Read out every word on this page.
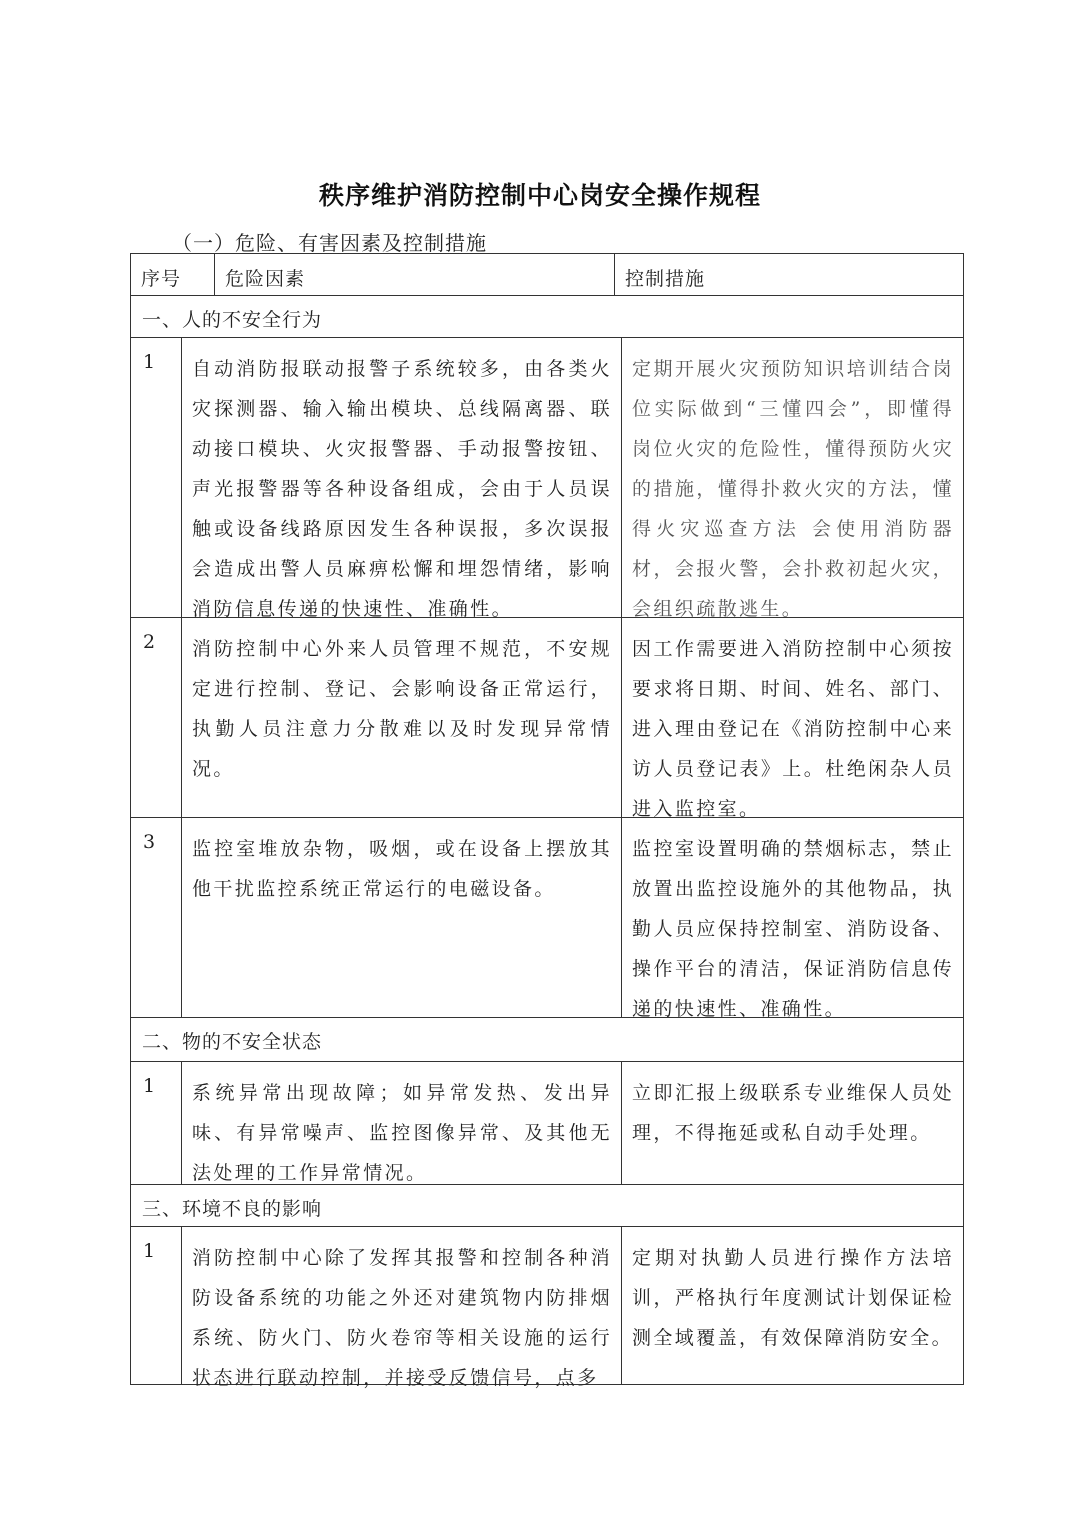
秩序维护消防控制中心岗安全操作规程
（一）危险、有害因素及控制措施
序号 危险因素	控制措施
一、人的不安全行为
1 自动消防报联动报警子系统较多，由各类火灾探测器、输入输出模块、总线隔离器、联动接口模块、火灾报警器、手动报警按钮、声光报警器等各种设备组成，会由于人员误触或设备线路原因发生各种误报，多次误报会造成出警人员麻痹松懈和埋怨情绪，影响消防信息传递的快速性、准确性。

定期开展火灾预防知识培训结合岗位实际做到“三懂四会”，即懂得岗位火灾的危险性，懂得预防火灾的措施，懂得扑救火灾的方法，懂得火灾巡查方法 会使用消防器材，会报火警，会扑救初起火灾，会组织疏散逃生。

2 消防控制中心外来人员管理不规范，不安规定进行控制、登记、会影响设备正常运行，执勤人员注意力分散难以及时发现异常情况。

因工作需要进入消防控制中心须按要求将日期、时间、姓名、部门、进入理由登记在《消防控制中心来访人员登记表》上。杜绝闲杂人员进入监控室。

3 监控室堆放杂物，吸烟，或在设备上摆放其他干扰监控系统正常运行的电磁设备。

监控室设置明确的禁烟标志，禁止放置出监控设施外的其他物品，执勤人员应保持控制室、消防设备、操作平台的清洁，保证消防信息传递的快速性、准确性。

二、物的不安全状态
1 系统异常出现故障；如异常发热、发出异味、有异常噪声、监控图像异常、及其他无法处理的工作异常情况。

立即汇报上级联系专业维保人员处理，不得拖延或私自动手处理。

三、环境不良的影响
1 消防控制中心除了发挥其报警和控制各种消防设备系统的功能之外还对建筑物内防排烟系统、防火门、防火卷帘等相关设施的运行状态进行联动控制，并接受反馈信号，点多

定期对执勤人员进行操作方法培训，严格执行年度测试计划保证检测全域覆盖，有效保障消防安全。
